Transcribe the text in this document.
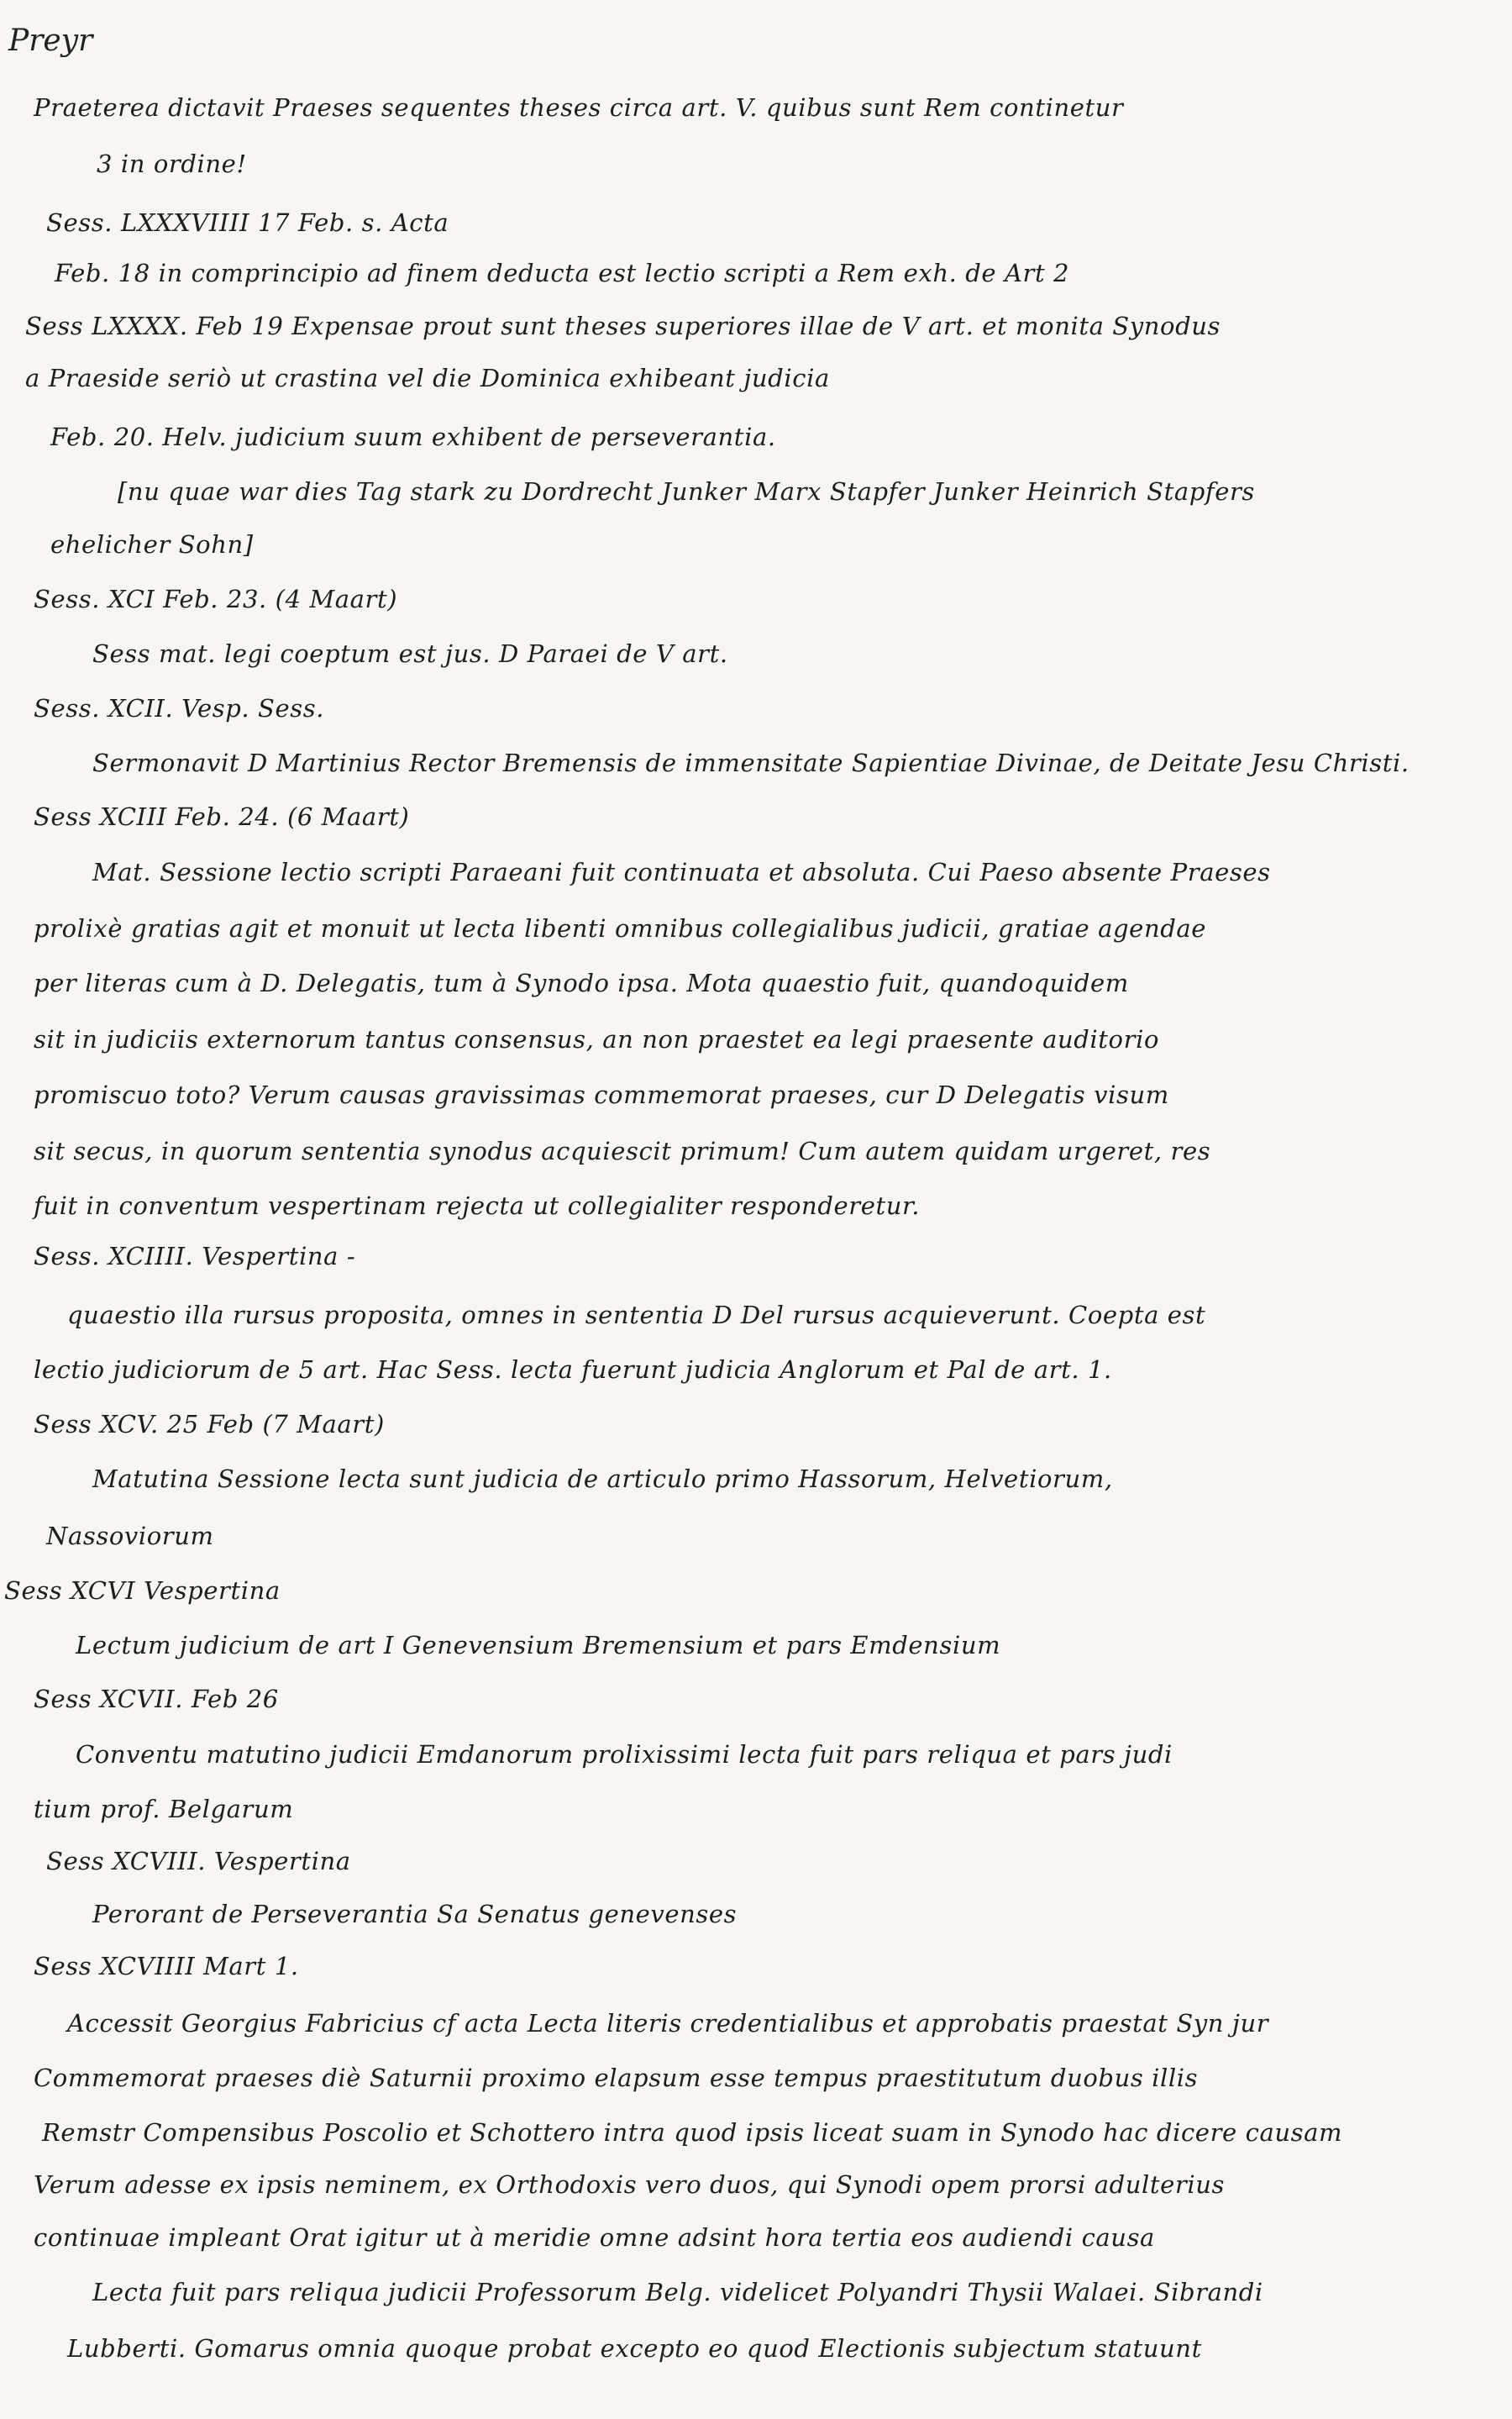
Preyr
Praeterea dictavit Praeses sequentes theses circa art. V. quibus sunt Rem continetur
3 in ordine!
Sess. LXXXVIIII 17 Feb. s. Acta
Feb. 18 in comprincipio ad finem deducta est lectio scripti a Rem exh. de Art 2
Sess LXXXX. Feb 19 Expensae prout sunt theses superiores illae de V art. et monita Synodus
a Praeside seriò ut crastina vel die Dominica exhibeant judicia
Feb. 20. Helv. judicium suum exhibent de perseverantia.
[nu quae war dies Tag stark zu Dordrecht Junker Marx Stapfer Junker Heinrich Stapfers
ehelicher Sohn]
Sess. XCI Feb. 23. (4 Maart)
Sess mat. legi coeptum est jus. D Paraei de V art.
Sess. XCII. Vesp. Sess.
Sermonavit D Martinius Rector Bremensis de immensitate Sapientiae Divinae, de Deitate Jesu Christi.
Sess XCIII Feb. 24. (6 Maart)
Mat. Sessione lectio scripti Paraeani fuit continuata et absoluta. Cui Paeso absente Praeses
prolixè gratias agit et monuit ut lecta libenti omnibus collegialibus judicii, gratiae agendae
per literas cum à D. Delegatis, tum à Synodo ipsa. Mota quaestio fuit, quandoquidem
sit in judiciis externorum tantus consensus, an non praestet ea legi praesente auditorio
promiscuo toto? Verum causas gravissimas commemorat praeses, cur D Delegatis visum
sit secus, in quorum sententia synodus acquiescit primum! Cum autem quidam urgeret, res
fuit in conventum vespertinam rejecta ut collegialiter responderetur.
Sess. XCIIII. Vespertina -
quaestio illa rursus proposita, omnes in sententia D Del rursus acquieverunt. Coepta est
lectio judiciorum de 5 art. Hac Sess. lecta fuerunt judicia Anglorum et Pal de art. 1.
Sess XCV. 25 Feb (7 Maart)
Matutina Sessione lecta sunt judicia de articulo primo Hassorum, Helvetiorum,
Nassoviorum
Sess XCVI Vespertina
Lectum judicium de art I Genevensium Bremensium et pars Emdensium
Sess XCVII. Feb 26
Conventu matutino judicii Emdanorum prolixissimi lecta fuit pars reliqua et pars judi
tium prof. Belgarum
Sess XCVIII. Vespertina
Perorant de Perseverantia Sa Senatus genevenses
Sess XCVIIII Mart 1.
Accessit Georgius Fabricius cf acta Lecta literis credentialibus et approbatis praestat Syn jur
Commemorat praeses diè Saturnii proximo elapsum esse tempus praestitutum duobus illis
Remstr Compensibus Poscolio et Schottero intra quod ipsis liceat suam in Synodo hac dicere causam
Verum adesse ex ipsis neminem, ex Orthodoxis vero duos, qui Synodi opem prorsi adulterius
continuae impleant Orat igitur ut à meridie omne adsint hora tertia eos audiendi causa
Lecta fuit pars reliqua judicii Professorum Belg. videlicet Polyandri Thysii Walaei. Sibrandi
Lubberti. Gomarus omnia quoque probat excepto eo quod Electionis subjectum statuunt
